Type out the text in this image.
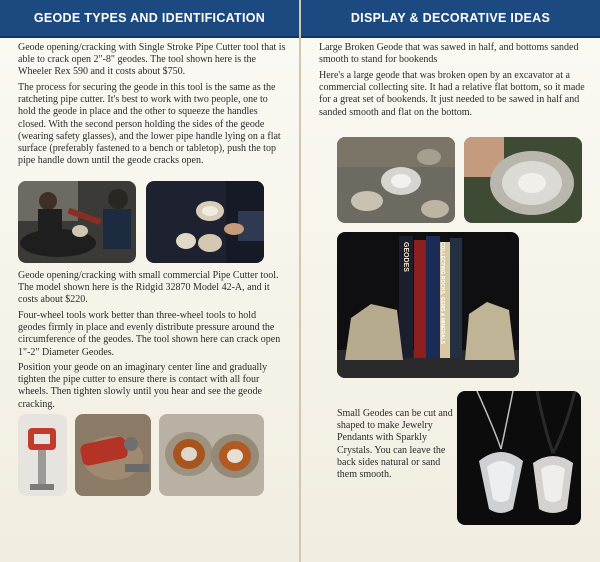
GEODE TYPES AND IDENTIFICATION

Geode opening/cracking with Single Stroke Pipe Cutter tool that is able to crack open 2"-8" geodes. The tool shown here is the Wheeler Rex 590 and it costs about $750.

The process for securing the geode in this tool is the same as the ratcheting pipe cutter. It's best to work with two people, one to hold the geode in place and the other to squeeze the handles closed. With the second person holding the sides of the geode (wearing safety glasses), and the lower pipe handle lying on a flat surface (preferably fastened to a bench or tabletop), push the top pipe handle down until the geode cracks open.

Geode opening/cracking with small commercial Pipe Cutter tool. The model shown here is the Ridgid 32870 Model 42-A, and it costs about $220.

Four-wheel tools work better than three-wheel tools to hold geodes firmly in place and evenly distribute pressure around the circumference of the geodes. The tool shown here can crack open 1"-2" Diameter Geodes.

Position your geode on an imaginary center line and gradually tighten the pipe cutter to ensure there is contact with all four wheels. Then tighten slowly until you hear and see the geode cracking.

DISPLAY & DECORATIVE IDEAS

Large Broken Geode that was sawed in half, and bottoms sanded smooth to stand for bookends

Here's a large geode that was broken open by an excavator at a commercial collecting site. It had a relative flat bottom, so it made for a great set of bookends. It just needed to be sawed in half and sanded smooth and flat on the bottom.

GEODES	COLLECTING ROCKS, GEMS & MINERALS

Small Geodes can be cut and shaped to make Jewelry Pendants with Sparkly Crystals. You can leave the back sides natural or sand them smooth.
